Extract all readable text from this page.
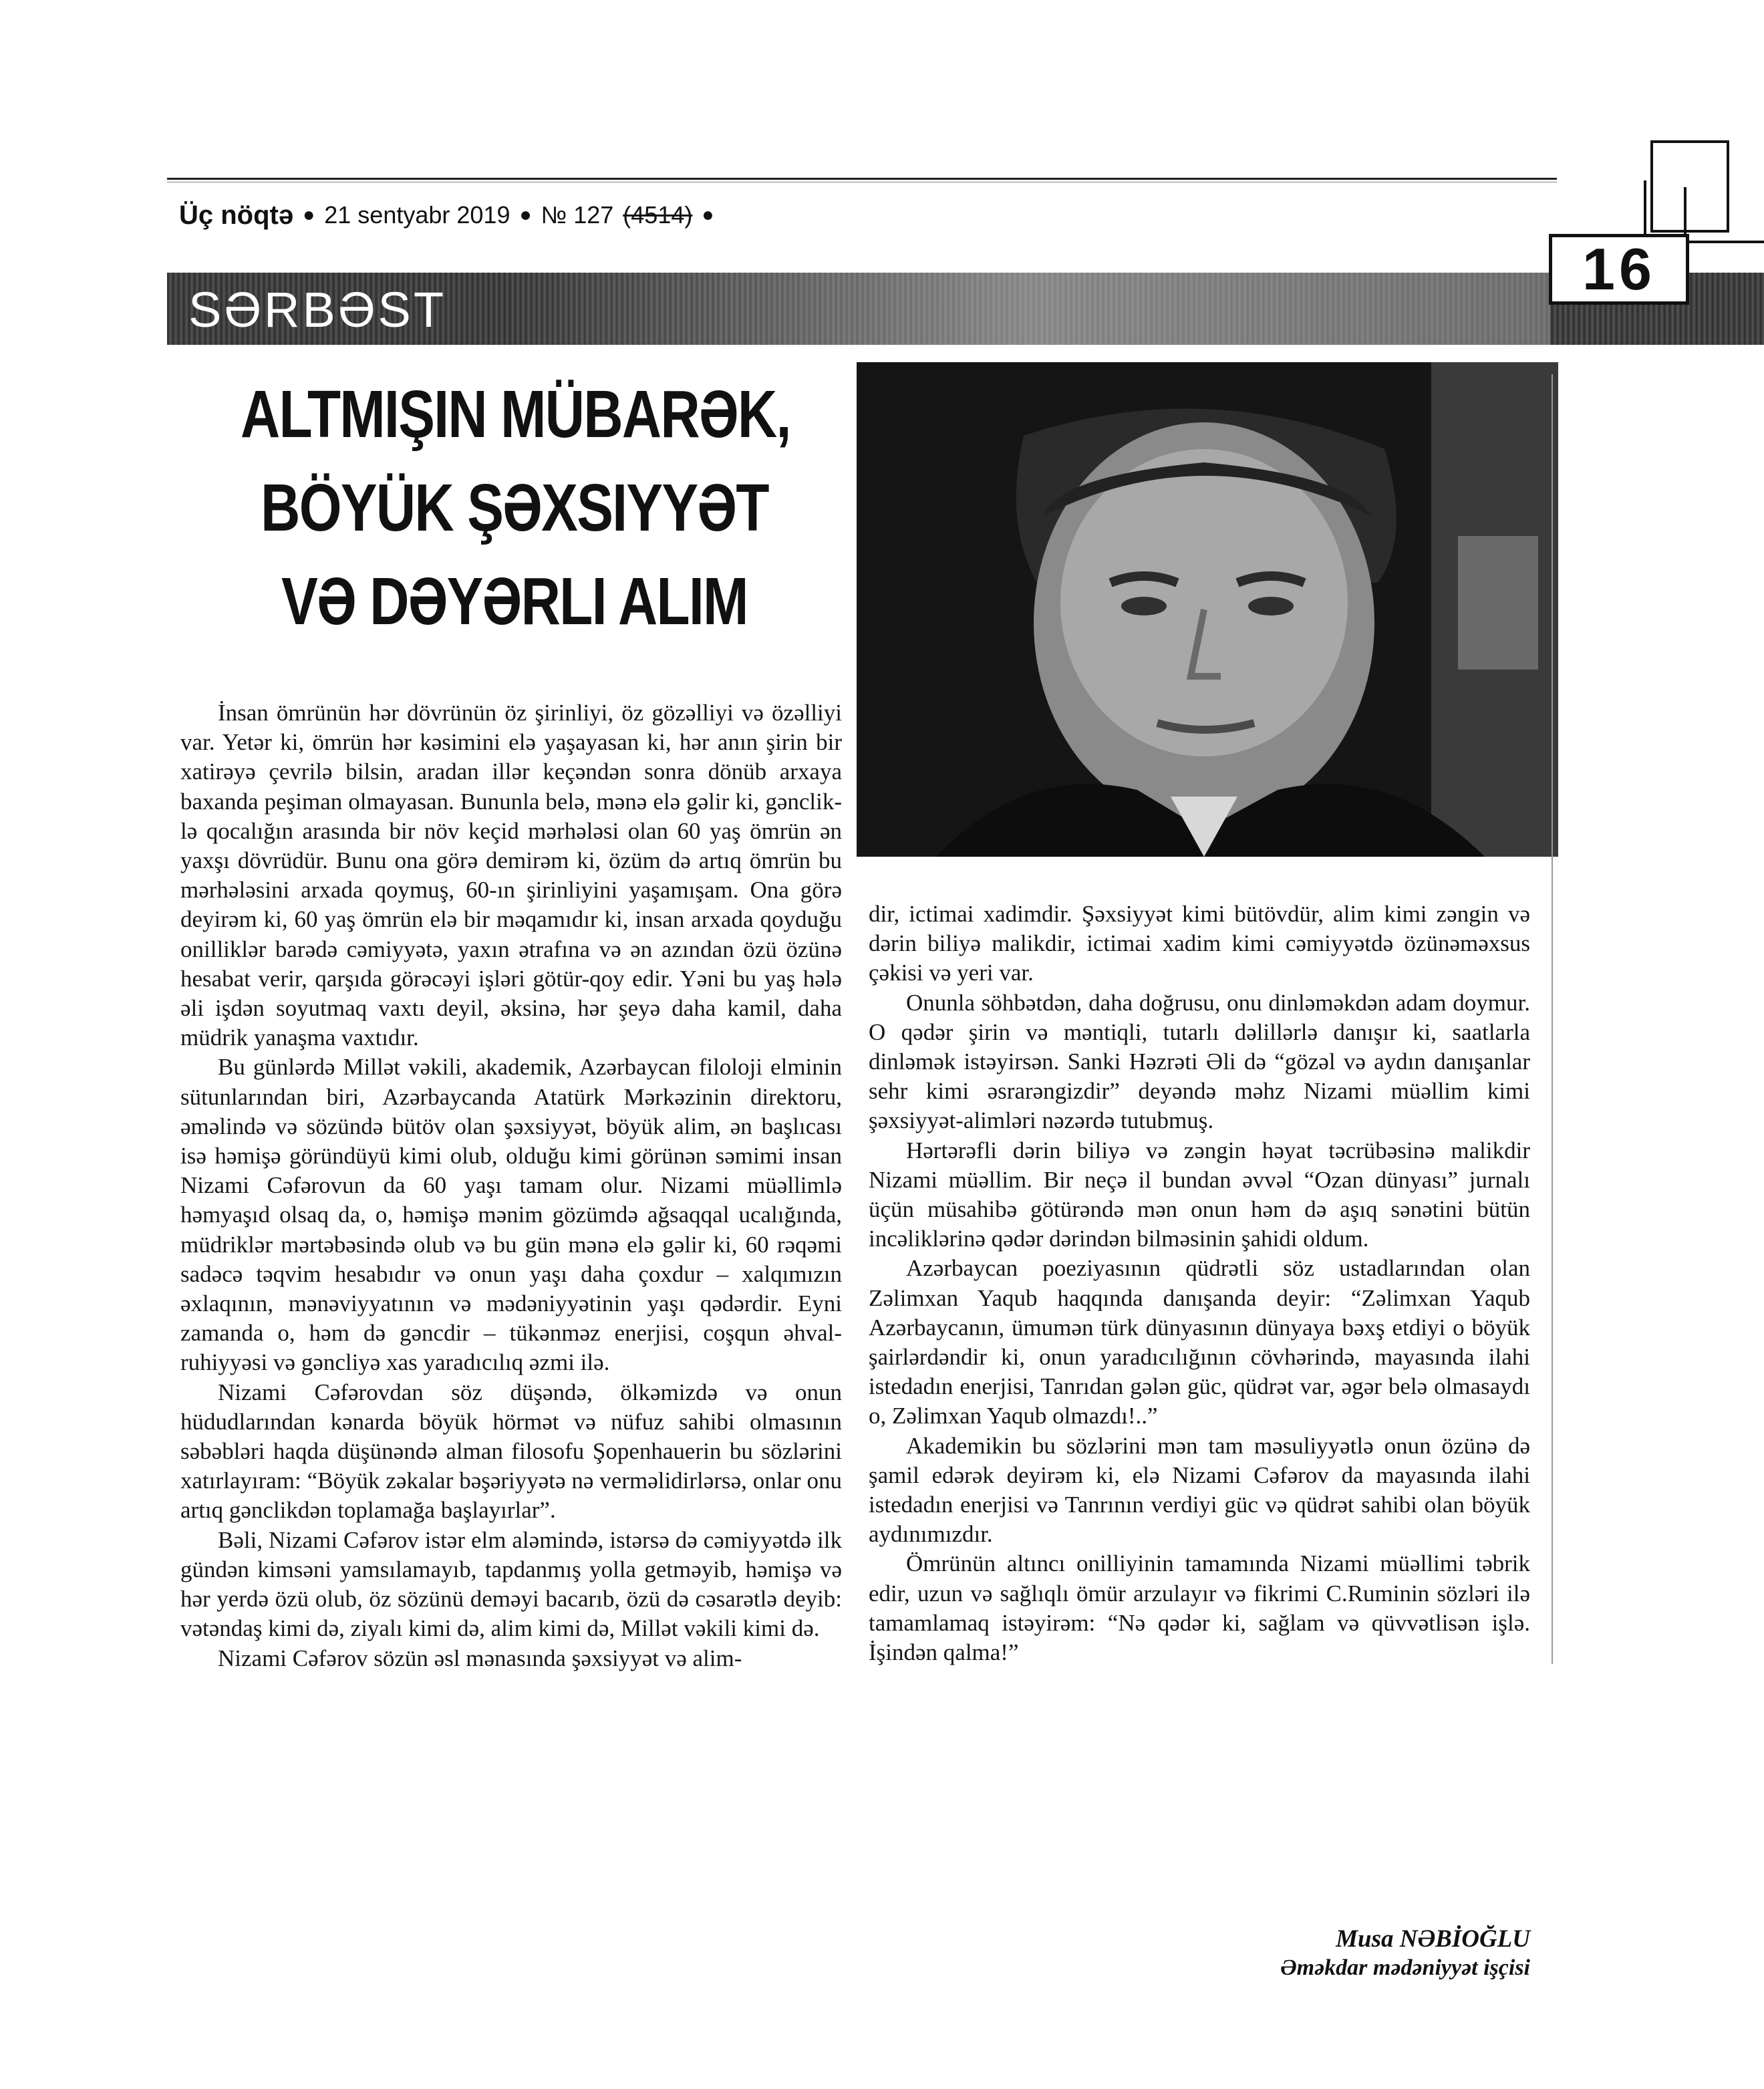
Üç nöqtə ● 21 sentyabr 2019 ● № 127 (4514) ●
SƏRBƏST
16
ALTMIŞIN MÜBARƏK,
BÖYÜK ŞƏXSIYYƏT
VƏ DƏYƏRLI ALIM

İnsan ömrünün hər dövrünün öz şirinliyi, öz gözəlliyi və özəlliyi var. Yetər ki, ömrün hər kəsimini elə yaşayasan ki, hər anın şirin bir xatirəyə çevrilə bilsin, aradan illər keçəndən sonra dönüb arxaya baxanda peşiman olmayasan. Bununla belə, mənə elə gəlir ki, gəncliklə qocalığın arasında bir növ keçid mərhələsi olan 60 yaş ömrün ən yaxşı dövrüdür. Bunu ona görə demirəm ki, özüm də artıq ömrün bu mərhələsini arxada qoymuş, 60-ın şirinliyini yaşamışam. Ona görə deyirəm ki, 60 yaş ömrün elə bir məqamıdır ki, insan arxada qoyduğu onilliklər barədə cəmiyyətə, yaxın ətrafına və ən azından özü özünə hesabat verir, qarşıda görəcəyi işləri götür-qoy edir. Yəni bu yaş hələ əli işdən soyutmaq vaxtı deyil, əksinə, hər şeyə daha kamil, daha müdrik yanaşma vaxtıdır.

Bu günlərdə Millət vəkili, akademik, Azərbaycan filoloji elminin sütunlarından biri, Azərbaycanda Atatürk Mərkəzinin direktoru, əməlində və sözündə bütöv olan şəxsiyyət, böyük alim, ən başlıcası isə həmişə göründüyü kimi olub, olduğu kimi görünən səmimi insan Nizami Cəfərovun da 60 yaşı tamam olur. Nizami müəllimlə həmyaşıd olsaq da, o, həmişə mənim gözümdə ağsaqqal ucalığında, müdriklər mərtəbəsində olub və bu gün mənə elə gəlir ki, 60 rəqəmi sadəcə təqvim hesabıdır və onun yaşı daha çoxdur – xalqımızın əxlaqının, mənəviyyatının və mədəniyyətinin yaşı qədərdir. Eyni zamanda o, həm də gəncdir – tükənməz enerjisi, coşqun əhval-ruhiyyəsi və gəncliyə xas yaradıcılıq əzmi ilə.

Nizami Cəfərovdan söz düşəndə, ölkəmizdə və onun hüdudlarından kənarda böyük hörmət və nüfuz sahibi olmasının səbəbləri haqda düşünəndə alman filosofu Şopenhauerin bu sözlərini xatırlayıram: “Böyük zəkalar bəşəriyyətə nə verməlidirlərsə, onlar onu artıq gənclikdən toplamağa başlayırlar”.

Bəli, Nizami Cəfərov istər elm aləmində, istərsə də cəmiyyətdə ilk gündən kimsəni yamsılamayıb, tapdanmış yolla getməyib, həmişə və hər yerdə özü olub, öz sözünü deməyi bacarıb, özü də cəsarətlə deyib: vətəndaş kimi də, ziyalı kimi də, alim kimi də, Millət vəkili kimi də.

Nizami Cəfərov sözün əsl mənasında şəxsiyyət və alim-

dir, ictimai xadimdir. Şəxsiyyət kimi bütövdür, alim kimi zəngin və dərin biliyə malikdir, ictimai xadim kimi cəmiyyətdə özünəməxsus çəkisi və yeri var.

Onunla söhbətdən, daha doğrusu, onu dinləməkdən adam doymur. O qədər şirin və məntiqli, tutarlı dəlillərlə danışır ki, saatlarla dinləmək istəyirsən. Sanki Həzrəti Əli də “gözəl və aydın danışanlar sehr kimi əsrarəngizdir” deyəndə məhz Nizami müəllim kimi şəxsiyyət-alimləri nəzərdə tutubmuş.

Hərtərəfli dərin biliyə və zəngin həyat təcrübəsinə malikdir Nizami müəllim. Bir neçə il bundan əvvəl “Ozan dünyası” jurnalı üçün müsahibə götürəndə mən onun həm də aşıq sənətini bütün incəliklərinə qədər dərindən bilməsinin şahidi oldum.

Azərbaycan poeziyasının qüdrətli söz ustadlarından olan Zəlimxan Yaqub haqqında danışanda deyir: “Zəlimxan Yaqub Azərbaycanın, ümumən türk dünyasının dünyaya bəxş etdiyi o böyük şairlərdəndir ki, onun yaradıcılığının cövhərində, mayasında ilahi istedadın enerjisi, Tanrıdan gələn güc, qüdrət var, əgər belə olmasaydı o, Zəlimxan Yaqub olmazdı!..”

Akademikin bu sözlərini mən tam məsuliyyətlə onun özünə də şamil edərək deyirəm ki, elə Nizami Cəfərov da mayasında ilahi istedadın enerjisi və Tanrının verdiyi güc və qüdrət sahibi olan böyük aydınımızdır.

Ömrünün altıncı onilliyinin tamamında Nizami müəllimi təbrik edir, uzun və sağlıqlı ömür arzulayır və fikrimi C.Ruminin sözləri ilə tamamlamaq istəyirəm: “Nə qədər ki, sağlam və qüvvətlisən işlə. İşindən qalma!”

Musa NƏBİOĞLU
Əməkdar mədəniyyət işçisi
